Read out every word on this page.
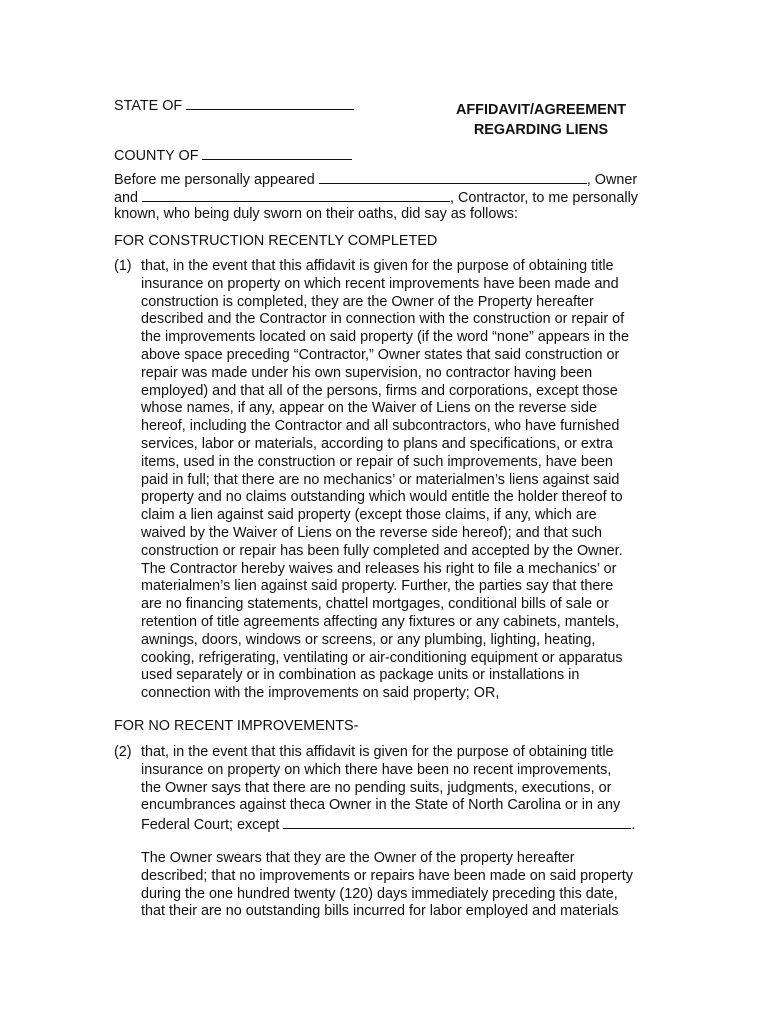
STATE OF	AFFIDAVIT/AGREEMENT
REGARDING LIENS
COUNTY OF
Before me personally appeared	, Owner
and	, Contractor, to me personally
known, who being duly sworn on their oaths, did say as follows:
FOR CONSTRUCTION RECENTLY COMPLETED
(1) that, in the event that this affidavit is given for the purpose of obtaining title
insurance on property on which recent improvements have been made and
construction is completed, they are the Owner of the Property hereafter
described and the Contractor in connection with the construction or repair of
the improvements located on said property (if the word “none” appears in the
above space preceding “Contractor,” Owner states that said construction or
repair was made under his own supervision, no contractor having been
employed) and that all of the persons, firms and corporations, except those
whose names, if any, appear on the Waiver of Liens on the reverse side
hereof, including the Contractor and all subcontractors, who have furnished
services, labor or materials, according to plans and specifications, or extra
items, used in the construction or repair of such improvements, have been
paid in full; that there are no mechanics’ or materialmen’s liens against said
property and no claims outstanding which would entitle the holder thereof to
claim a lien against said property (except those claims, if any, which are
waived by the Waiver of Liens on the reverse side hereof); and that such
construction or repair has been fully completed and accepted by the Owner.
The Contractor hereby waives and releases his right to file a mechanics’ or
materialmen’s lien against said property. Further, the parties say that there
are no financing statements, chattel mortgages, conditional bills of sale or
retention of title agreements affecting any fixtures or any cabinets, mantels,
awnings, doors, windows or screens, or any plumbing, lighting, heating,
cooking, refrigerating, ventilating or air-conditioning equipment or apparatus
used separately or in combination as package units or installations in
connection with the improvements on said property; OR,
FOR NO RECENT IMPROVEMENTS-
(2) that, in the event that this affidavit is given for the purpose of obtaining title
insurance on property on which there have been no recent improvements,
the Owner says that there are no pending suits, judgments, executions, or
encumbrances against theca Owner in the State of North Carolina or in any
Federal Court; except	.
The Owner swears that they are the Owner of the property hereafter
described; that no improvements or repairs have been made on said property
during the one hundred twenty (120) days immediately preceding this date,
that their are no outstanding bills incurred for labor employed and materials
